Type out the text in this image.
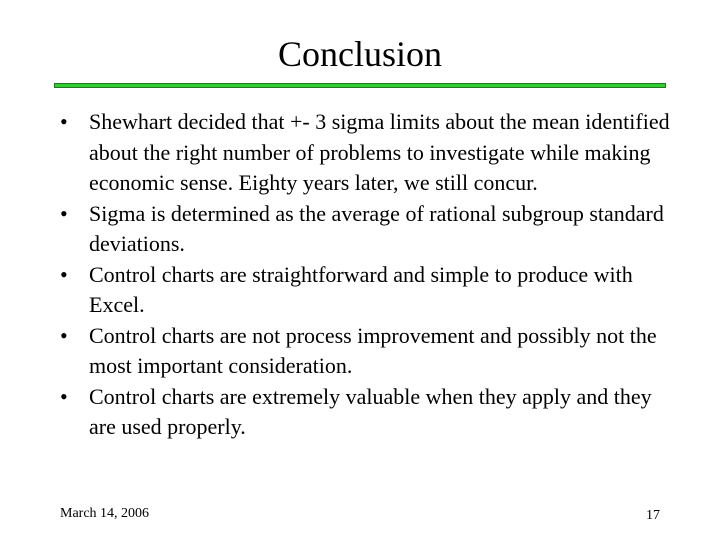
Conclusion
• Shewhart decided that +- 3 sigma limits about the mean identified about the right number of problems to investigate while making economic sense. Eighty years later, we still concur.
• Sigma is determined as the average of rational subgroup standard deviations.
• Control charts are straightforward and simple to produce with Excel.
• Control charts are not process improvement and possibly not the most important consideration.
• Control charts are extremely valuable when they apply and they are used properly.
March 14, 2006	17
